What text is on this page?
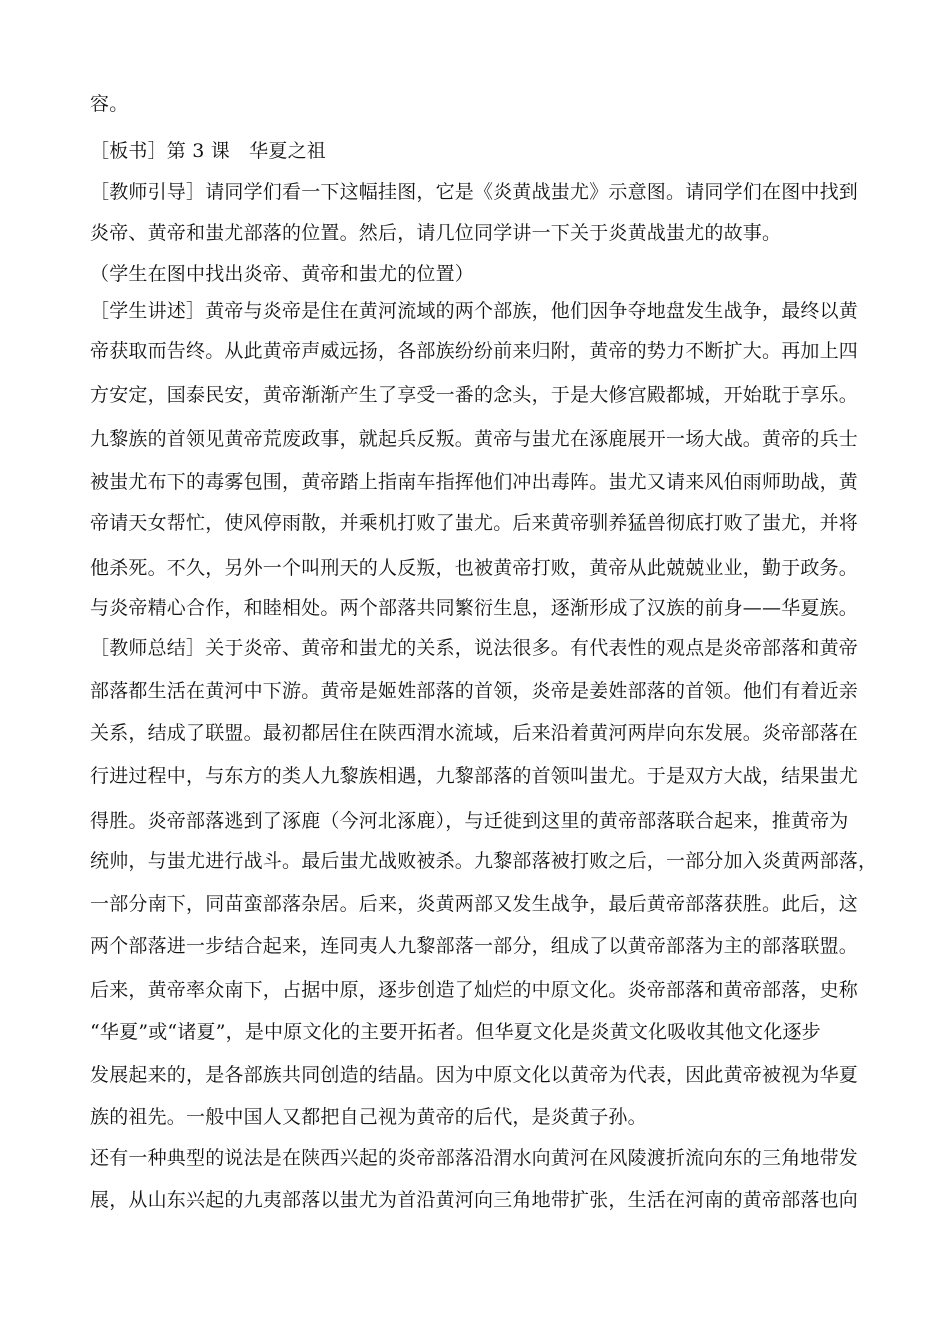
容。
［板书］第 3 课　华夏之祖
［教师引导］请同学们看一下这幅挂图，它是《炎黄战蚩尤》示意图。请同学们在图中找到
炎帝、黄帝和蚩尤部落的位置。然后，请几位同学讲一下关于炎黄战蚩尤的故事。
（学生在图中找出炎帝、黄帝和蚩尤的位置）
［学生讲述］黄帝与炎帝是住在黄河流域的两个部族，他们因争夺地盘发生战争，最终以黄
帝获取而告终。从此黄帝声威远扬，各部族纷纷前来归附，黄帝的势力不断扩大。再加上四
方安定，国泰民安，黄帝渐渐产生了享受一番的念头，于是大修宫殿都城，开始耽于享乐。
九黎族的首领见黄帝荒废政事，就起兵反叛。黄帝与蚩尤在涿鹿展开一场大战。黄帝的兵士
被蚩尤布下的毒雾包围，黄帝踏上指南车指挥他们冲出毒阵。蚩尤又请来风伯雨师助战，黄
帝请天女帮忙，使风停雨散，并乘机打败了蚩尤。后来黄帝驯养猛兽彻底打败了蚩尤，并将
他杀死。不久，另外一个叫刑天的人反叛，也被黄帝打败，黄帝从此兢兢业业，勤于政务。
与炎帝精心合作，和睦相处。两个部落共同繁衍生息，逐渐形成了汉族的前身——华夏族。
［教师总结］关于炎帝、黄帝和蚩尤的关系，说法很多。有代表性的观点是炎帝部落和黄帝
部落都生活在黄河中下游。黄帝是姬姓部落的首领，炎帝是姜姓部落的首领。他们有着近亲
关系，结成了联盟。最初都居住在陕西渭水流域，后来沿着黄河两岸向东发展。炎帝部落在
行进过程中，与东方的类人九黎族相遇，九黎部落的首领叫蚩尤。于是双方大战，结果蚩尤
得胜。炎帝部落逃到了涿鹿（今河北涿鹿），与迁徙到这里的黄帝部落联合起来，推黄帝为
统帅，与蚩尤进行战斗。最后蚩尤战败被杀。九黎部落被打败之后，一部分加入炎黄两部落，
一部分南下，同苗蛮部落杂居。后来，炎黄两部又发生战争，最后黄帝部落获胜。此后，这
两个部落进一步结合起来，连同夷人九黎部落一部分，组成了以黄帝部落为主的部落联盟。
后来，黄帝率众南下，占据中原，逐步创造了灿烂的中原文化。炎帝部落和黄帝部落，史称
“华夏”或“诸夏”，是中原文化的主要开拓者。但华夏文化是炎黄文化吸收其他文化逐步
发展起来的，是各部族共同创造的结晶。因为中原文化以黄帝为代表，因此黄帝被视为华夏
族的祖先。一般中国人又都把自己视为黄帝的后代，是炎黄子孙。
还有一种典型的说法是在陕西兴起的炎帝部落沿渭水向黄河在风陵渡折流向东的三角地带发
展，从山东兴起的九夷部落以蚩尤为首沿黄河向三角地带扩张，生活在河南的黄帝部落也向
